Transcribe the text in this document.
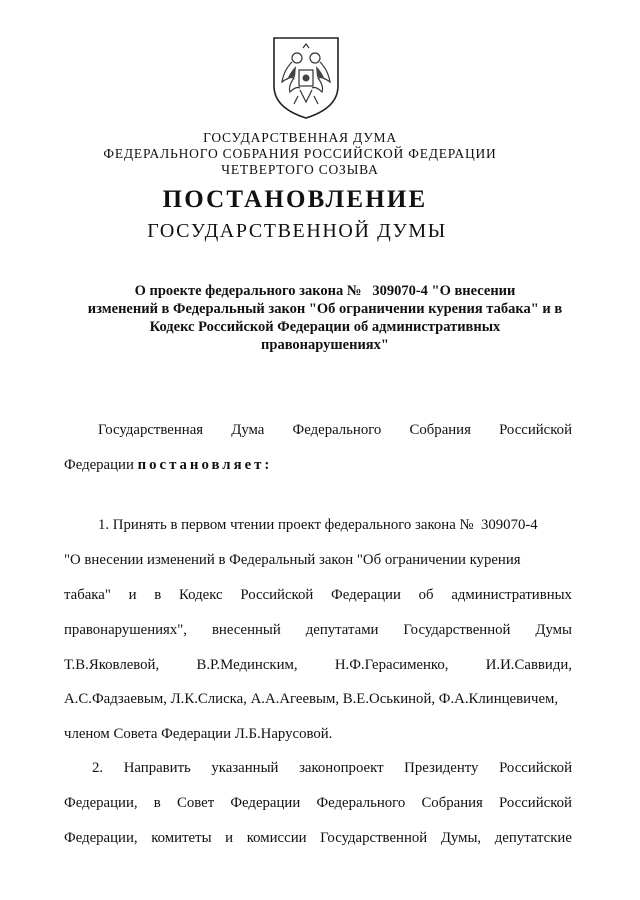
ГОСУДАРСТВЕННАЯ ДУМА
ФЕДЕРАЛЬНОГО СОБРАНИЯ РОССИЙСКОЙ ФЕДЕРАЦИИ
ЧЕТВЕРТОГО СОЗЫВА
ПОСТАНОВЛЕНИЕ
ГОСУДАРСТВЕННОЙ ДУМЫ
О проекте федерального закона №   309070-4 "О внесении
изменений в Федеральный закон "Об ограничении курения табака" и в
Кодекс Российской Федерации об административных
правонарушениях"
Государственная Дума Федерального Собрания Российской
Федерации постановляет:
1. Принять в первом чтении проект федерального закона №  309070-4
"О внесении изменений в Федеральный закон "Об ограничении курения
табака" и в Кодекс Российской Федерации об административных
правонарушениях", внесенный депутатами Государственной Думы
Т.В.Яковлевой,	В.Р.Мединским,	Н.Ф.Герасименко,	И.И.Саввиди,
А.С.Фадзаевым, Л.К.Слиска, А.А.Агеевым, В.Е.Оськиной, Ф.А.Клинцевичем,
членом Совета Федерации Л.Б.Нарусовой.
2. Направить указанный законопроект Президенту Российской
Федерации, в Совет Федерации Федерального Собрания Российской
Федерации, комитеты и комиссии Государственной Думы, депутатские
